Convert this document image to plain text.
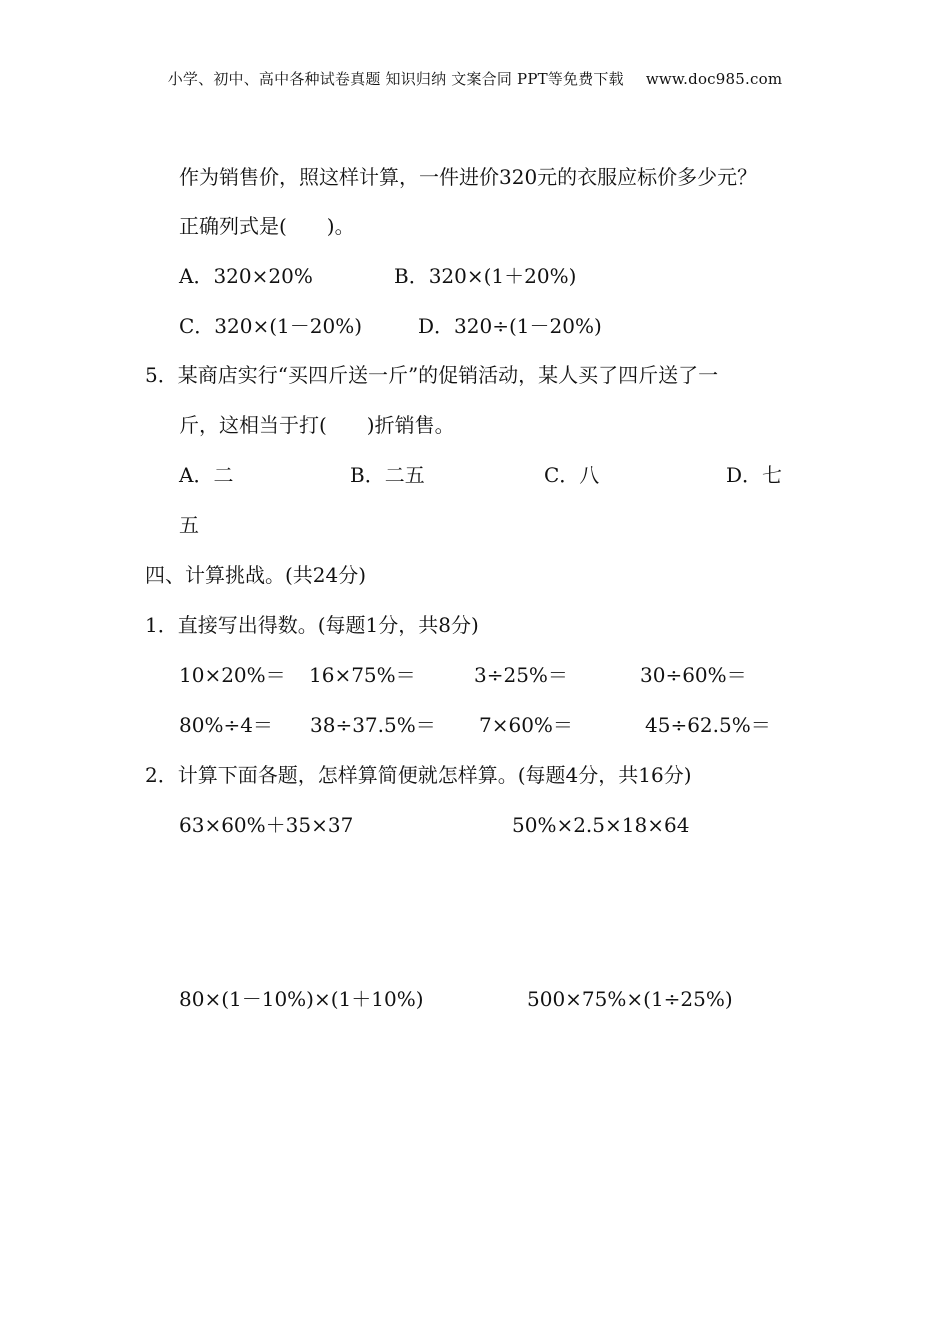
小学、初中、高中各种试卷真题 知识归纳 文案合同 PPT等免费下载 www.doc985.com
作为销售价，照这样计算，一件进价320元的衣服应标价多少元？
正确列式是(　　)。
A．320×20%	B．320×(1＋20%)
C．320×(1－20%)	D．320÷(1－20%)
5．某商店实行“买四斤送一斤”的促销活动，某人买了四斤送了一
斤，这相当于打(　　)折销售。
A．二	B．二五	C．八	D．七
五
四、计算挑战。(共24分)
1．直接写出得数。(每题1分，共8分)
10×20%＝ 16×75%＝	3÷25%＝	30÷60%＝
80%÷4＝ 38÷37.5%＝ 7×60%＝	45÷62.5%＝
2．计算下面各题，怎样算简便就怎样算。(每题4分，共16分)
63×60%＋35×37	50%×2.5×18×64
80×(1－10%)×(1＋10%)	500×75%×(1÷25%)
